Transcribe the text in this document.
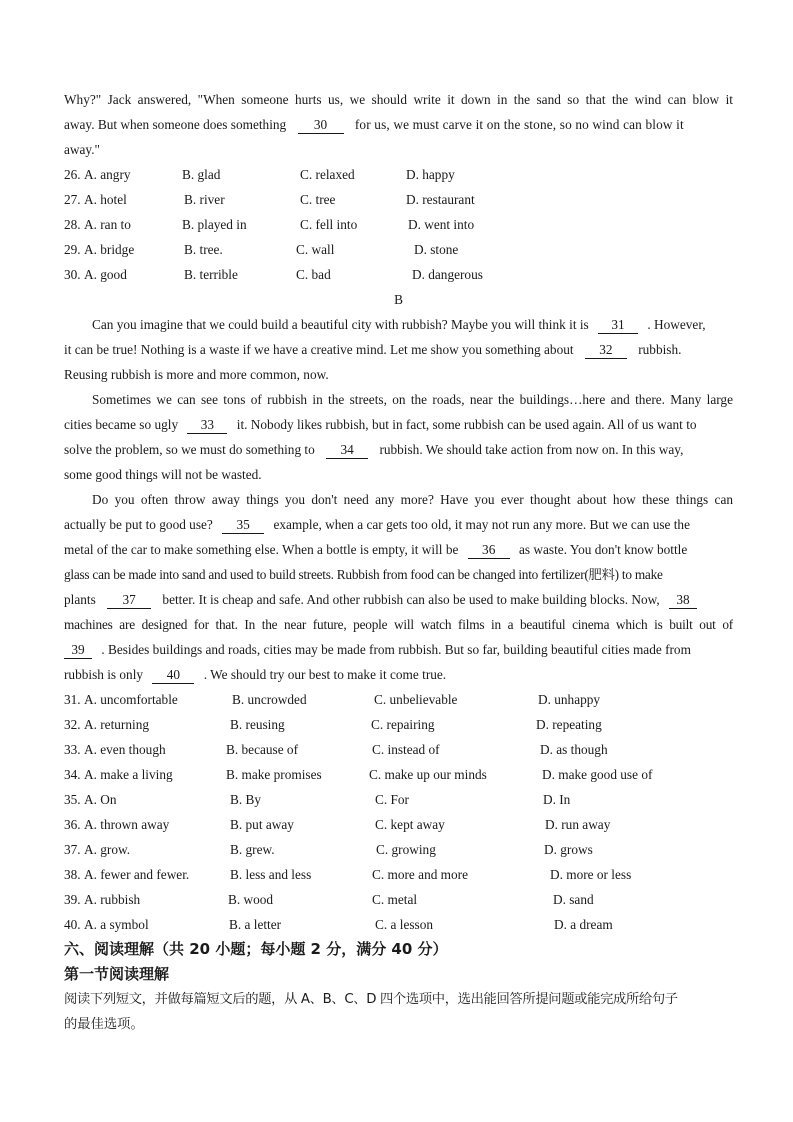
Why?" Jack answered, "When someone hurts us, we should write it down in the sand so that the wind can blow it
away. But when someone does something 30 for us, we must carve it on the stone, so no wind can blow it
away."
26. A. angry	B. glad	C. relaxed	D. happy
27. A. hotel	B. river	C. tree	D. restaurant
28. A. ran to	B. played in	C. fell into	D. went into
29. A. bridge	B. tree.	C. wall	D. stone
30. A. good	B. terrible	C. bad	D. dangerous
B
Can you imagine that we could build a beautiful city with rubbish? Maybe you will think it is 31 . However,
it can be true! Nothing is a waste if we have a creative mind. Let me show you something about 32 rubbish.
Reusing rubbish is more and more common, now.
Sometimes we can see tons of rubbish in the streets, on the roads, near the buildings…here and there. Many large
cities became so ugly 33 it. Nobody likes rubbish, but in fact, some rubbish can be used again. All of us want to
solve the problem, so we must do something to 34 rubbish. We should take action from now on. In this way,
some good things will not be wasted.
Do you often throw away things you don't need any more? Have you ever thought about how these things can
actually be put to good use? 35 example, when a car gets too old, it may not run any more. But we can use the
metal of the car to make something else. When a bottle is empty, it will be 36 as waste. You don't know bottle
glass can be made into sand and used to build streets. Rubbish from food can be changed into fertilizer(肥料) to make
plants 37 better. It is cheap and safe. And other rubbish can also be used to make building blocks. Now, 38
machines are designed for that. In the near future, people will watch films in a beautiful cinema which is built out of
39 . Besides buildings and roads, cities may be made from rubbish. But so far, building beautiful cities made from
rubbish is only 40 . We should try our best to make it come true.
31. A. uncomfortable	B. uncrowded	C. unbelievable	D. unhappy
32. A. returning	B. reusing	C. repairing	D. repeating
33. A. even though	B. because of	C. instead of	D. as though
34. A. make a living	B. make promises	C. make up our minds	D. make good use of
35. A. On	B. By	C. For	D. In
36. A. thrown away	B. put away	C. kept away	D. run away
37. A. grow.	B. grew.	C. growing	D. grows
38. A. fewer and fewer.	B. less and less	C. more and more	D. more or less
39. A. rubbish	B. wood	C. metal	D. sand
40. A. a symbol	B. a letter	C. a lesson	D. a dream
六、阅读理解（共 20 小题；每小题 2 分，满分 40 分）
第一节阅读理解
阅读下列短文，并做每篇短文后的题，从 A、B、C、D 四个选项中，选出能回答所提问题或能完成所给句子
的最佳选项。
